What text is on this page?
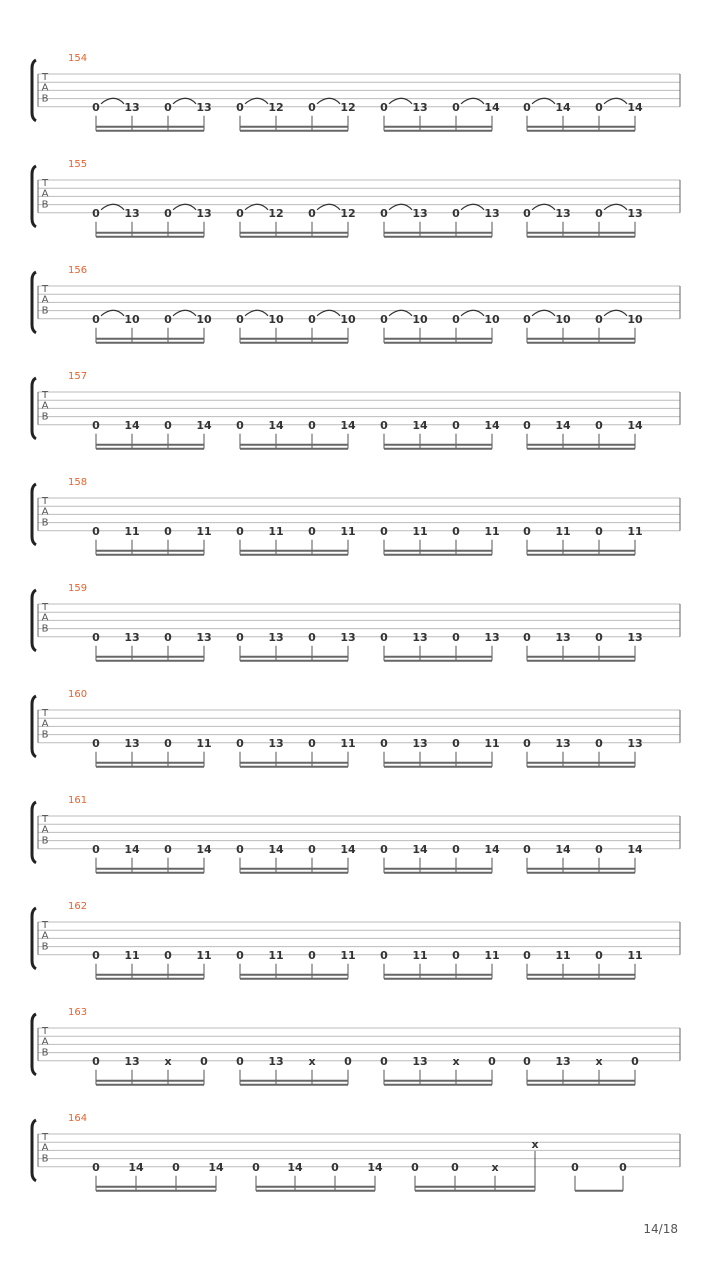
T
A
B
154
0 13 0 13 0 12 0 12 0 13 0 14 0 14 0 14
T
A
B
155
0 13 0 13 0 12 0 12 0 13 0 13 0 13 0 13
T
A
B
156
0 10 0 10 0 10 0 10 0 10 0 10 0 10 0 10
T
A
B
157
0 14 0 14 0 14 0 14 0 14 0 14 0 14 0 14
T
A
B
158
0 11 0 11 0 11 0 11 0 11 0 11 0 11 0 11
T
A
B
159
0 13 0 13 0 13 0 13 0 13 0 13 0 13 0 13
T
A
B
160
0 13 0 11 0 13 0 11 0 13 0 11 0 13 0 13
T
A
B
161
0 14 0 14 0 14 0 14 0 14 0 14 0 14 0 14
T
A
B
162
0 11 0 11 0 11 0 11 0 11 0 11 0 11 0 11
T
A
B
163
0 13 x	0	0 13 x	0	0 13 x	0 0 13 x	0
T
A
B
164
0	14	0	14	0	14	0	14	0	0	x
x
0	0
14/18
